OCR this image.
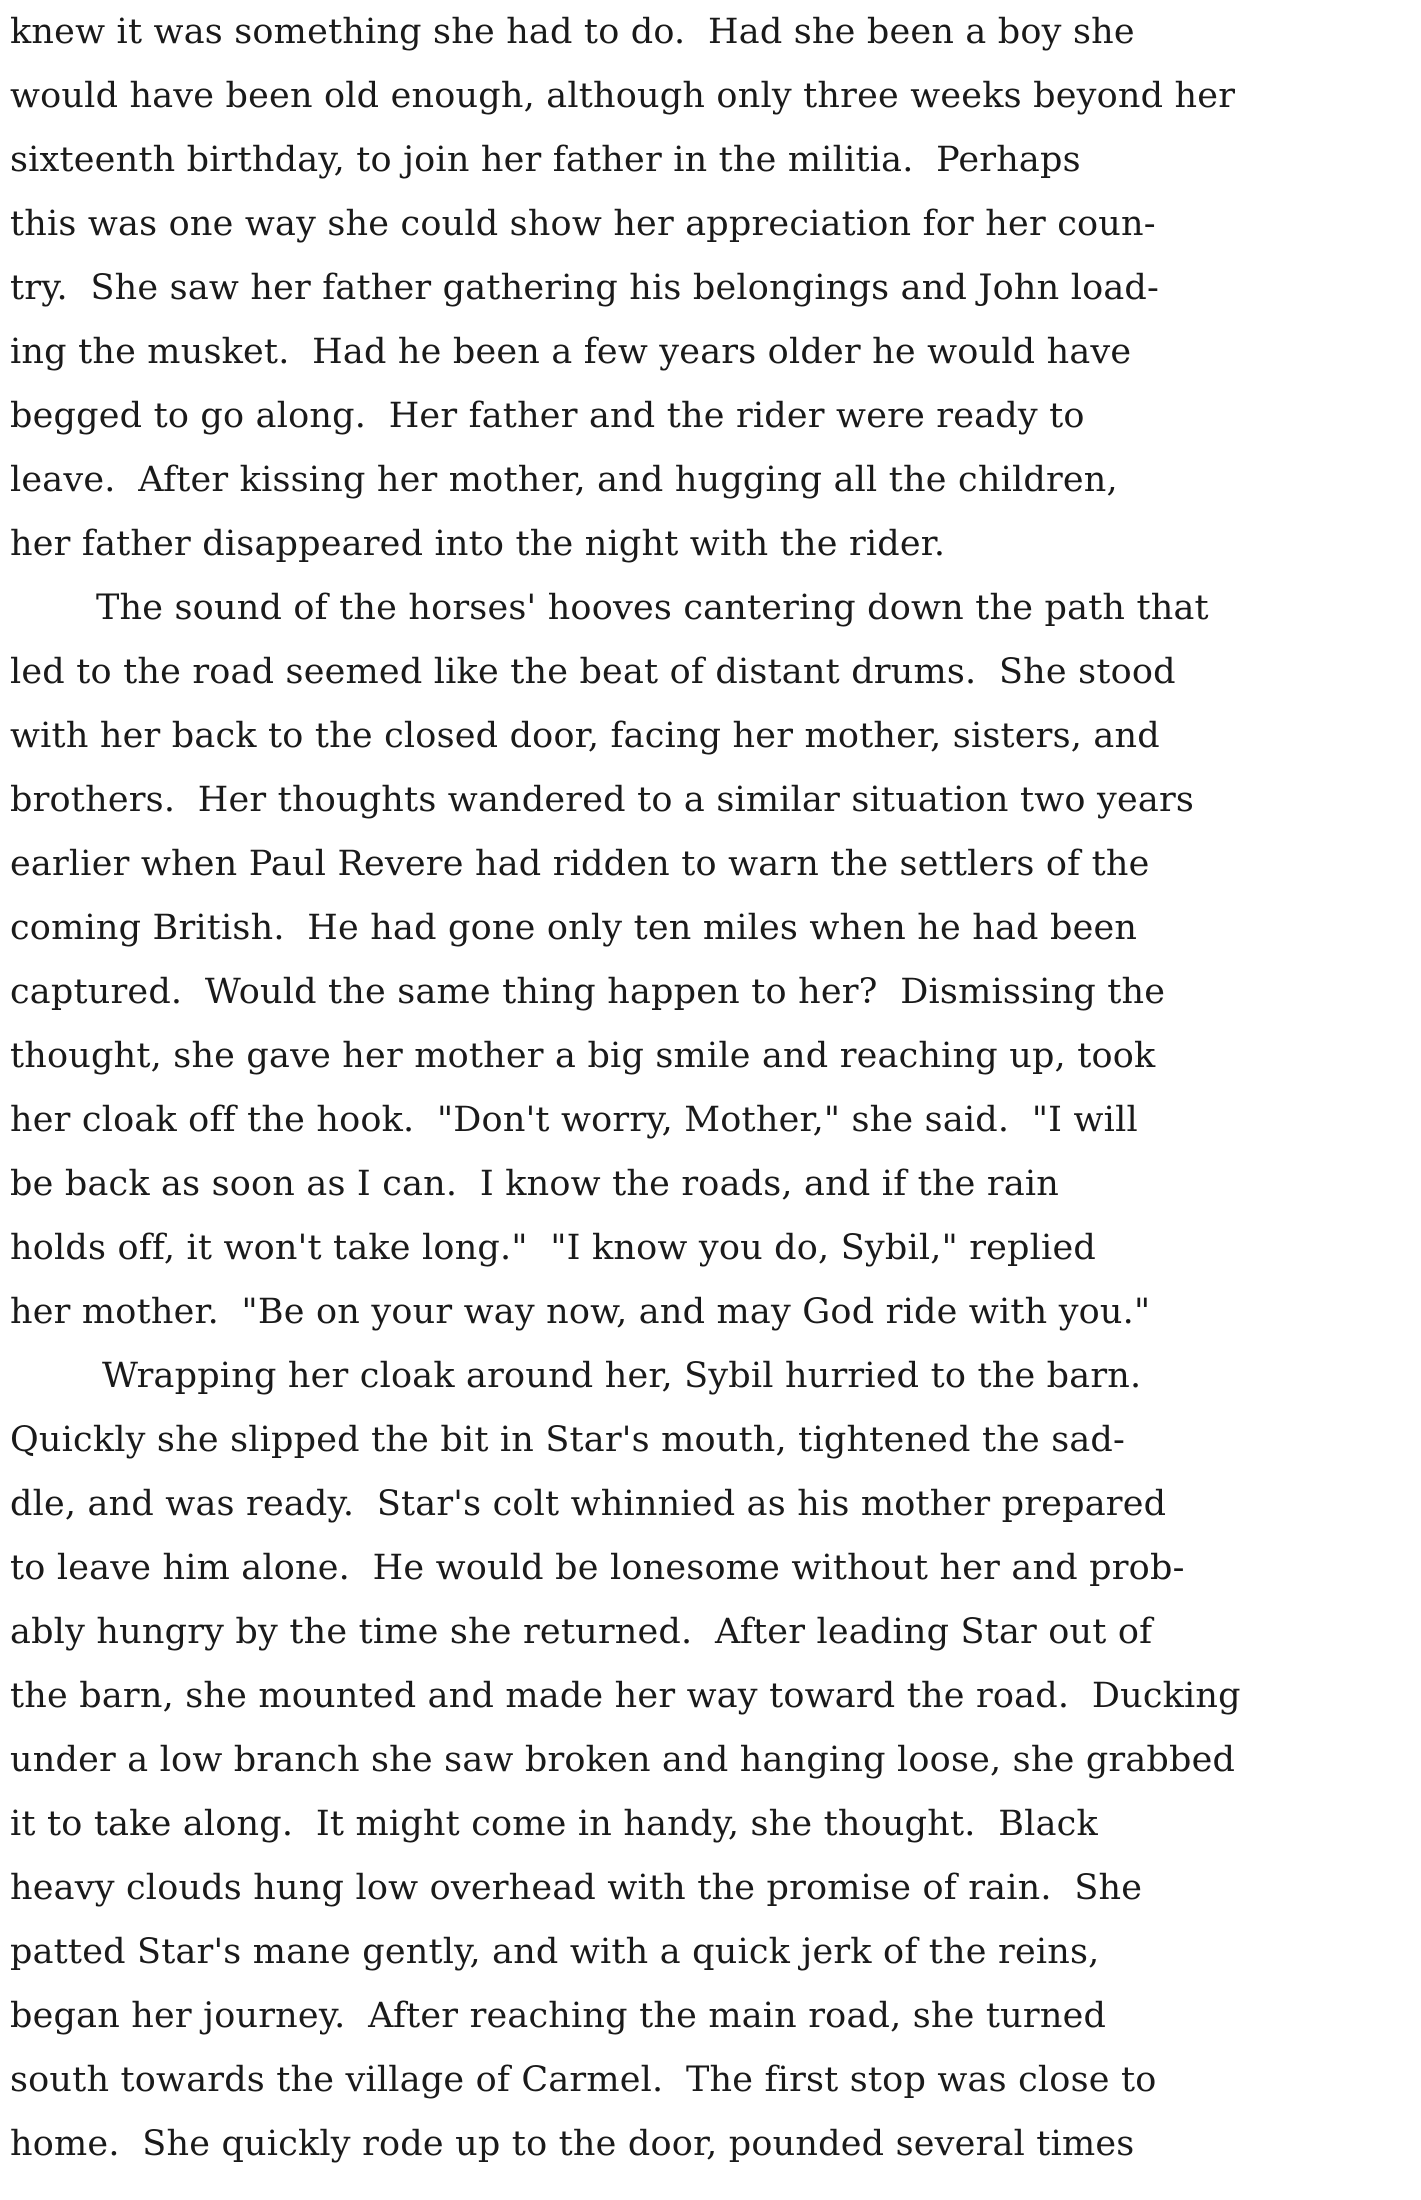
knew it was something she had to do.  Had she been a boy she
would have been old enough, although only three weeks beyond her
sixteenth birthday, to join her father in the militia.  Perhaps
this was one way she could show her appreciation for her coun-
try.  She saw her father gathering his belongings and John load-
ing the musket.  Had he been a few years older he would have
begged to go along.  Her father and the rider were ready to
leave.  After kissing her mother, and hugging all the children,
her father disappeared into the night with the rider.
The sound of the horses' hooves cantering down the path that
led to the road seemed like the beat of distant drums.  She stood
with her back to the closed door, facing her mother, sisters, and
brothers.  Her thoughts wandered to a similar situation two years
earlier when Paul Revere had ridden to warn the settlers of the
coming British.  He had gone only ten miles when he had been
captured.  Would the same thing happen to her?  Dismissing the
thought, she gave her mother a big smile and reaching up, took
her cloak off the hook.  "Don't worry, Mother," she said.  "I will
be back as soon as I can.  I know the roads, and if the rain
holds off, it won't take long."  "I know you do, Sybil," replied
her mother.  "Be on your way now, and may God ride with you."
Wrapping her cloak around her, Sybil hurried to the barn.
Quickly she slipped the bit in Star's mouth, tightened the sad-
dle, and was ready.  Star's colt whinnied as his mother prepared
to leave him alone.  He would be lonesome without her and prob-
ably hungry by the time she returned.  After leading Star out of
the barn, she mounted and made her way toward the road.  Ducking
under a low branch she saw broken and hanging loose, she grabbed
it to take along.  It might come in handy, she thought.  Black
heavy clouds hung low overhead with the promise of rain.  She
patted Star's mane gently, and with a quick jerk of the reins,
began her journey.  After reaching the main road, she turned
south towards the village of Carmel.  The first stop was close to
home.  She quickly rode up to the door, pounded several times
